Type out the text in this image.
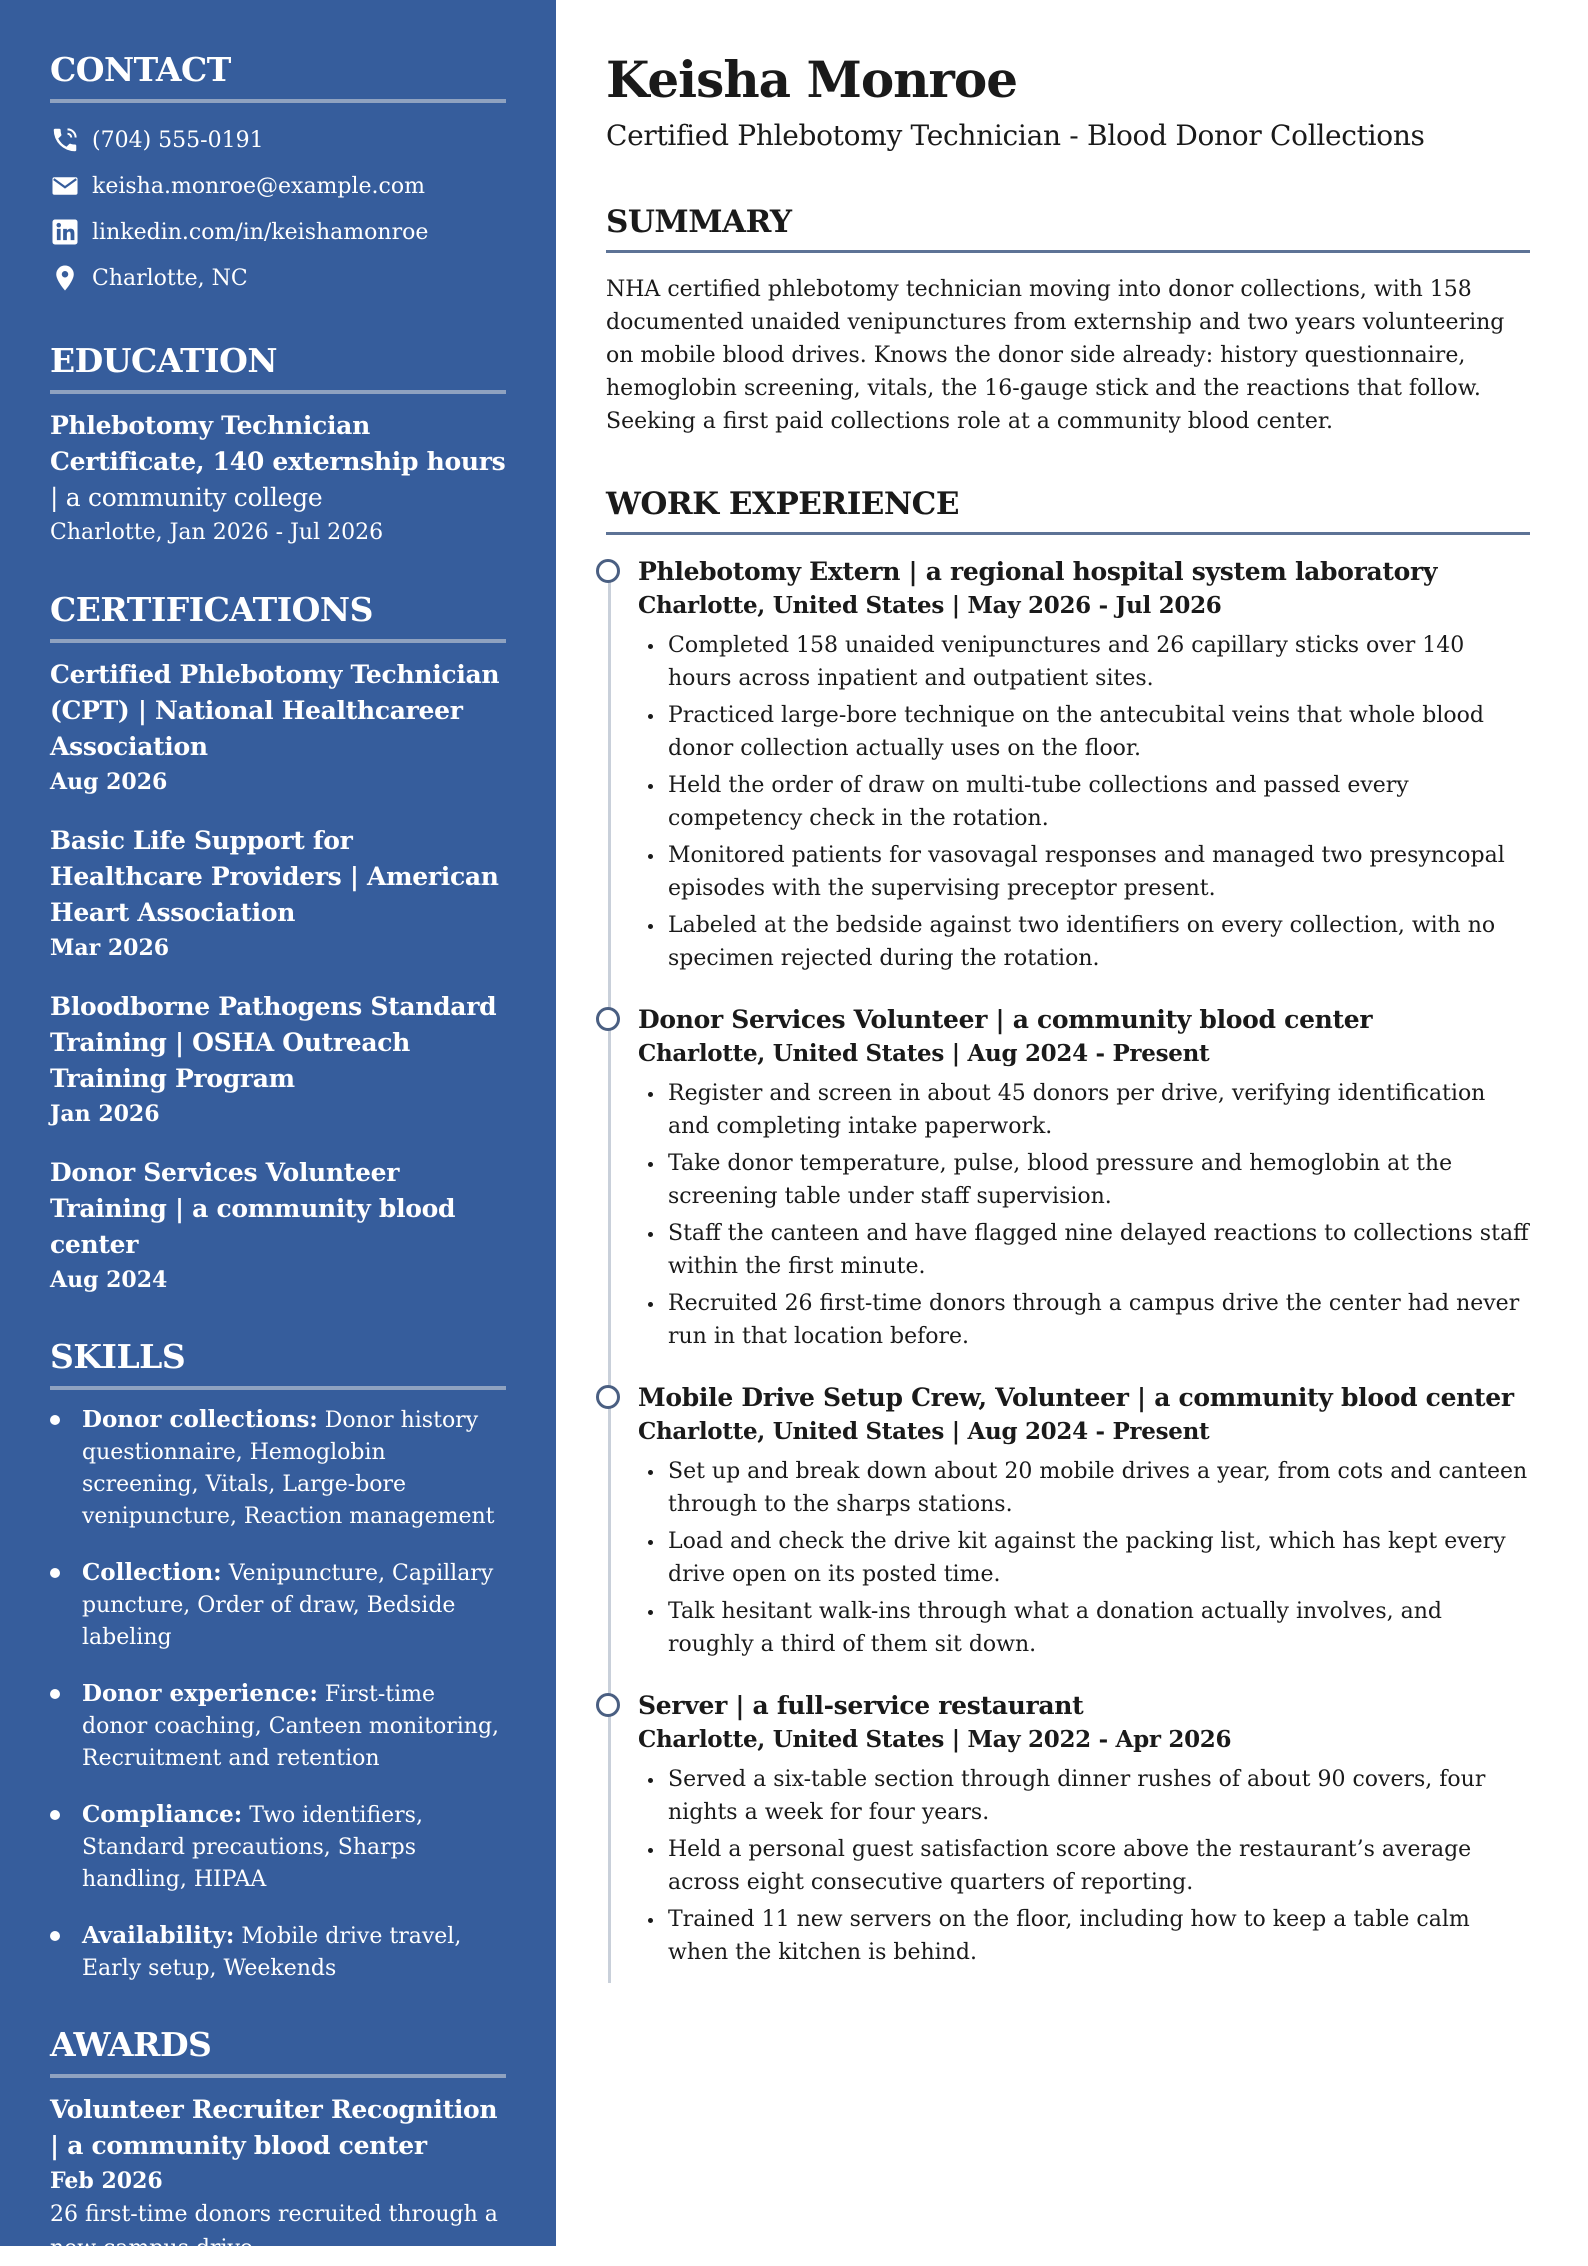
CONTACT
(704) 555-0191
keisha.monroe@example.com
linkedin.com/in/keishamonroe
Charlotte, NC
EDUCATION
Phlebotomy Technician Certificate, 140 externship hours | a community college
Charlotte, Jan 2026 - Jul 2026
CERTIFICATIONS
Certified Phlebotomy Technician (CPT) | National Healthcareer Association
Aug 2026
Basic Life Support for Healthcare Providers | American Heart Association
Mar 2026
Bloodborne Pathogens Standard Training | OSHA Outreach Training Program
Jan 2026
Donor Services Volunteer Training | a community blood center
Aug 2024
SKILLS
Donor collections: Donor history questionnaire, Hemoglobin screening, Vitals, Large-bore venipuncture, Reaction management
Collection: Venipuncture, Capillary puncture, Order of draw, Bedside labeling
Donor experience: First-time donor coaching, Canteen monitoring, Recruitment and retention
Compliance: Two identifiers, Standard precautions, Sharps handling, HIPAA
Availability: Mobile drive travel, Early setup, Weekends
AWARDS
Volunteer Recruiter Recognition | a community blood center
Feb 2026
26 first-time donors recruited through a new campus drive.
Keisha Monroe
Certified Phlebotomy Technician - Blood Donor Collections
SUMMARY

NHA certified phlebotomy technician moving into donor collections, with 158 documented unaided venipunctures from externship and two years volunteering on mobile blood drives. Knows the donor side already: history questionnaire, hemoglobin screening, vitals, the 16-gauge stick and the reactions that follow. Seeking a first paid collections role at a community blood center.

WORK EXPERIENCE
Phlebotomy Extern | a regional hospital system laboratory
Charlotte, United States | May 2026 - Jul 2026
Completed 158 unaided venipunctures and 26 capillary sticks over 140 hours across inpatient and outpatient sites.
Practiced large-bore technique on the antecubital veins that whole blood donor collection actually uses on the floor.
Held the order of draw on multi-tube collections and passed every competency check in the rotation.
Monitored patients for vasovagal responses and managed two presyncopal episodes with the supervising preceptor present.
Labeled at the bedside against two identifiers on every collection, with no specimen rejected during the rotation.
Donor Services Volunteer | a community blood center
Charlotte, United States | Aug 2024 - Present
Register and screen in about 45 donors per drive, verifying identification and completing intake paperwork.
Take donor temperature, pulse, blood pressure and hemoglobin at the screening table under staff supervision.
Staff the canteen and have flagged nine delayed reactions to collections staff within the first minute.
Recruited 26 first-time donors through a campus drive the center had never run in that location before.
Mobile Drive Setup Crew, Volunteer | a community blood center
Charlotte, United States | Aug 2024 - Present
Set up and break down about 20 mobile drives a year, from cots and canteen through to the sharps stations.
Load and check the drive kit against the packing list, which has kept every drive open on its posted time.
Talk hesitant walk-ins through what a donation actually involves, and roughly a third of them sit down.
Server | a full-service restaurant
Charlotte, United States | May 2022 - Apr 2026
Served a six-table section through dinner rushes of about 90 covers, four nights a week for four years.
Held a personal guest satisfaction score above the restaurant’s average across eight consecutive quarters of reporting.
Trained 11 new servers on the floor, including how to keep a table calm when the kitchen is behind.
